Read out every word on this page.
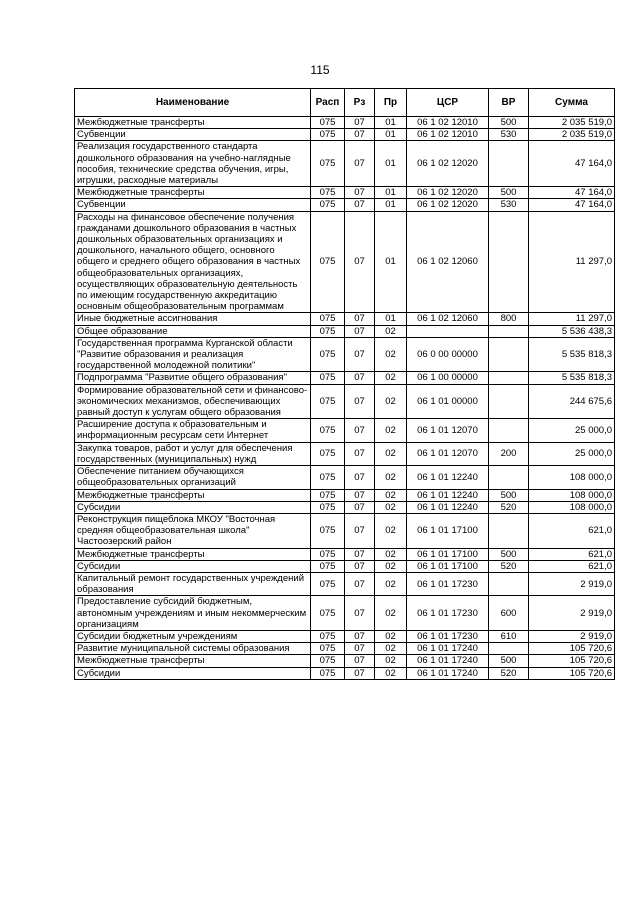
115
Наименование	Расп	Рз	Пр	ЦСР	ВР	Сумма
Межбюджетные трансферты	075	07	01	06 1 02 12010	500	2 035 519,0
Субвенции	075	07	01	06 1 02 12010	530	2 035 519,0
Реализация государственного стандарта дошкольного образования на учебно-наглядные пособия, технические средства обучения, игры, игрушки, расходные материалы	075	07	01	06 1 02 12020		47 164,0
Межбюджетные трансферты	075	07	01	06 1 02 12020	500	47 164,0
Субвенции	075	07	01	06 1 02 12020	530	47 164,0
Расходы на финансовое обеспечение получения гражданами дошкольного образования в частных дошкольных образовательных организациях и дошкольного, начального общего, основного общего и среднего общего образования в частных общеобразовательных организациях, осуществляющих образовательную деятельность по имеющим государственную аккредитацию основным общеобразовательным программам	075	07	01	06 1 02 12060		11 297,0
Иные бюджетные ассигнования	075	07	01	06 1 02 12060	800	11 297,0
Общее образование	075	07	02			5 536 438,3
Государственная программа Курганской области "Развитие образования и реализация государственной молодежной политики"	075	07	02	06 0 00 00000		5 535 818,3
Подпрограмма "Развитие общего образования"	075	07	02	06 1 00 00000		5 535 818,3
Формирование образовательной сети и финансово-экономических механизмов, обеспечивающих равный доступ к услугам общего образования	075	07	02	06 1 01 00000		244 675,6
Расширение доступа к образовательным и информационным ресурсам сети Интернет	075	07	02	06 1 01 12070		25 000,0
Закупка товаров, работ и услуг для обеспечения государственных (муниципальных) нужд	075	07	02	06 1 01 12070	200	25 000,0
Обеспечение питанием обучающихся общеобразовательных организаций	075	07	02	06 1 01 12240		108 000,0
Межбюджетные трансферты	075	07	02	06 1 01 12240	500	108 000,0
Субсидии	075	07	02	06 1 01 12240	520	108 000,0
Реконструкция пищеблока МКОУ "Восточная средняя общеобразовательная школа" Частоозерский район	075	07	02	06 1 01 17100		621,0
Межбюджетные трансферты	075	07	02	06 1 01 17100	500	621,0
Субсидии	075	07	02	06 1 01 17100	520	621,0
Капитальный ремонт государственных учреждений образования	075	07	02	06 1 01 17230		2 919,0
Предоставление субсидий бюджетным, автономным учреждениям и иным некоммерческим организациям	075	07	02	06 1 01 17230	600	2 919,0
Субсидии бюджетным учреждениям	075	07	02	06 1 01 17230	610	2 919,0
Развитие муниципальной системы образования	075	07	02	06 1 01 17240		105 720,6
Межбюджетные трансферты	075	07	02	06 1 01 17240	500	105 720,6
Субсидии	075	07	02	06 1 01 17240	520	105 720,6
